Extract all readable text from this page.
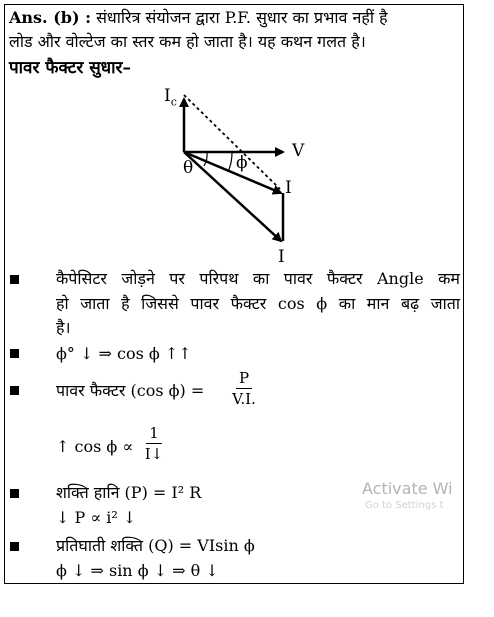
Ans. (b) : संधारित्र संयोजन द्वारा P.F. सुधार का प्रभाव नहीं है
लोड और वोल्टेज का स्तर कम हो जाता है। यह कथन गलत है।
पावर फैक्टर सुधार–
$I_c$
V
θ	ϕ
I
I
कैपेसिटर जोड़ने पर परिपथ का पावर फैक्टर Angle कम
हो जाता है जिससे पावर फैक्टर cos ϕ का मान बढ़ जाता
है।
ϕ° ↓ ⇒ cos ϕ ↑↑
पावर फैक्टर (cos $\phi) = \frac{P}{V.I.}$
↑ $\cos \phi \propto \frac{1}{I↓}$
शक्ति हानि (P) = I² R
↓ P ∝ i² ↓
प्रतिघाती शक्ति (Q) = VIsin ϕ
ϕ ↓ ⇒ sin ϕ ↓ ⇒ θ ↓
Activate Wi
Go to Settings t
